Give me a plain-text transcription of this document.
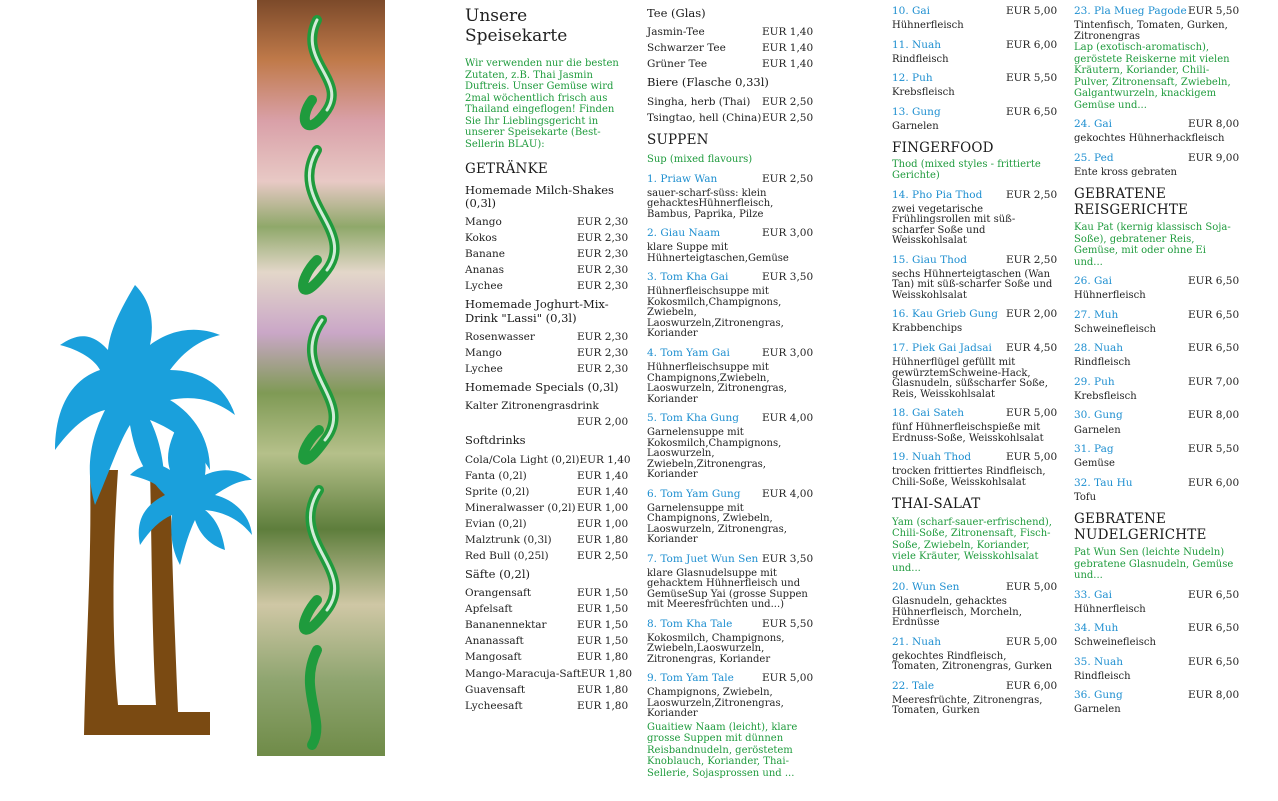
Unsere Speisekarte
Wir verwenden nur die besten Zutaten, z.B. Thai Jasmin Duftreis. Unser Gemüse wird 2mal wöchentlich frisch aus Thailand eingeflogen! Finden Sie Ihr Lieblingsgericht in unserer Speisekarte (Best-Sellerin BLAU):
GETRÄNKE
Homemade Milch-Shakes (0,3l)
Mango	EUR 2,30
Kokos	EUR 2,30
Banane	EUR 2,30
Ananas	EUR 2,30
Lychee	EUR 2,30
Homemade Joghurt-Mix-Drink "Lassi" (0,3l)
Rosenwasser	EUR 2,30
Mango	EUR 2,30
Lychee	EUR 2,30
Homemade Specials (0,3l)
Kalter Zitronengrasdrink
EUR 2,00
Softdrinks
Cola/Cola Light (0,2l) EUR 1,40
Fanta (0,2l)	EUR 1,40
Sprite (0,2l)	EUR 1,40
Mineralwasser (0,2l) EUR 1,00
Evian (0,2l)	EUR 1,00
Malztrunk (0,3l) EUR 1,80
Red Bull (0,25l)	EUR 2,50
Säfte (0,2l)
Orangensaft	EUR 1,50
Apfelsaft	EUR 1,50
Bananennektar	EUR 1,50
Ananassaft	EUR 1,50
Mangosaft	EUR 1,80
Mango-Maracuja-Saft EUR 1,80
Guavensaft	EUR 1,80
Lycheesaft	EUR 1,80
Tee (Glas)
Jasmin-Tee	EUR 1,40
Schwarzer Tee	EUR 1,40
Grüner Tee	EUR 1,40
Biere (Flasche 0,33l)
Singha, herb (Thai) EUR 2,50
Tsingtao, hell (China) EUR 2,50
SUPPEN
Sup (mixed flavours)
1. Priaw Wan	EUR 2,50
sauer-scharf-süss: klein gehacktesHühnerfleisch, Bambus, Paprika, Pilze
2. Giau Naam	EUR 3,00
klare Suppe mit Hühnerteigtaschen,Gemüse
3. Tom Kha Gai	EUR 3,50
Hühnerfleischsuppe mit Kokosmilch,Champignons, Zwiebeln, Laoswurzeln,Zitronengras, Koriander
4. Tom Yam Gai	EUR 3,00
Hühnerfleischsuppe mit Champignons,Zwiebeln, Laoswurzeln, Zitronengras, Koriander
5. Tom Kha Gung EUR 4,00
Garnelensuppe mit Kokosmilch,Champignons, Laoswurzeln, Zwiebeln,Zitronengras, Koriander
6. Tom Yam Gung EUR 4,00
Garnelensuppe mit Champignons, Zwiebeln, Laoswurzeln, Zitronengras, Koriander
7. Tom Juet Wun Sen EUR 3,50
klare Glasnudelsuppe mit gehacktem Hühnerfleisch und GemüseSup Yai (grosse Suppen mit Meeresfrüchten und...)
8. Tom Kha Tale	EUR 5,50
Kokosmilch, Champignons, Zwiebeln,Laoswurzeln, Zitronengras, Koriander
9. Tom Yam Tale	EUR 5,00
Champignons, Zwiebeln, Laoswurzeln,Zitronengras, Koriander
Guaitiew Naam (leicht), klare grosse Suppen mit dünnen Reisbandnudeln, geröstetem Knoblauch, Koriander, Thai-Sellerie, Sojasprossen und ...
10. Gai	EUR 5,00
Hühnerfleisch
11. Nuah	EUR 6,00
Rindfleisch
12. Puh	EUR 5,50
Krebsfleisch
13. Gung	EUR 6,50
Garnelen
FINGERFOOD
Thod (mixed styles - frittierte Gerichte)
14. Pho Pia Thod EUR 2,50
zwei vegetarische Frühlingsrollen mit süß-scharfer Soße und Weisskohlsalat
15. Giau Thod	EUR 2,50
sechs Hühnerteigtaschen (Wan Tan) mit süß-scharfer Soße und Weisskohlsalat
16. Kau Grieb Gung EUR 2,00
Krabbenchips
17. Piek Gai Jadsai EUR 4,50
Hühnerflügel gefüllt mit gewürztemSchweine-Hack, Glasnudeln, süßscharfer Soße, Reis, Weisskohlsalat
18. Gai Sateh	EUR 5,00
fünf Hühnerfleischspieße mit Erdnuss-Soße, Weisskohlsalat
19. Nuah Thod	EUR 5,00
trocken frittiertes Rindfleisch, Chili-Soße, Weisskohlsalat
THAI-SALAT
Yam (scharf-sauer-erfrischend), Chili-Soße, Zitronensaft, Fisch-Soße, Zwiebeln, Koriander, viele Kräuter, Weisskohlsalat und...
20. Wun Sen	EUR 5,00
Glasnudeln, gehacktes Hühnerfleisch, Morcheln, Erdnüsse
21. Nuah	EUR 5,00
gekochtes Rindfleisch, Tomaten, Zitronengras, Gurken
22. Tale	EUR 6,00
Meeresfrüchte, Zitronengras, Tomaten, Gurken
23. Pla Mueg Pagode EUR 5,50
Tintenfisch, Tomaten, Gurken, Zitronengras
Lap (exotisch-aromatisch), geröstete Reiskerne mit vielen Kräutern, Koriander, Chili-Pulver, Zitronensaft, Zwiebeln, Galgantwurzeln, knackigem Gemüse und...
24. Gai	EUR 8,00
gekochtes Hühnerhackfleisch
25. Ped	EUR 9,00
Ente kross gebraten
GEBRATENE REISGERICHTE
Kau Pat (kernig klassisch Soja-Soße), gebratener Reis, Gemüse, mit oder ohne Ei und...
26. Gai	EUR 6,50
Hühnerfleisch
27. Muh	EUR 6,50
Schweinefleisch
28. Nuah	EUR 6,50
Rindfleisch
29. Puh	EUR 7,00
Krebsfleisch
30. Gung	EUR 8,00
Garnelen
31. Pag	EUR 5,50
Gemüse
32. Tau Hu	EUR 6,00
Tofu
GEBRATENE NUDELGERICHTE
Pat Wun Sen (leichte Nudeln) gebratene Glasnudeln, Gemüse und...
33. Gai	EUR 6,50
Hühnerfleisch
34. Muh	EUR 6,50
Schweinefleisch
35. Nuah	EUR 6,50
Rindfleisch
36. Gung	EUR 8,00
Garnelen
